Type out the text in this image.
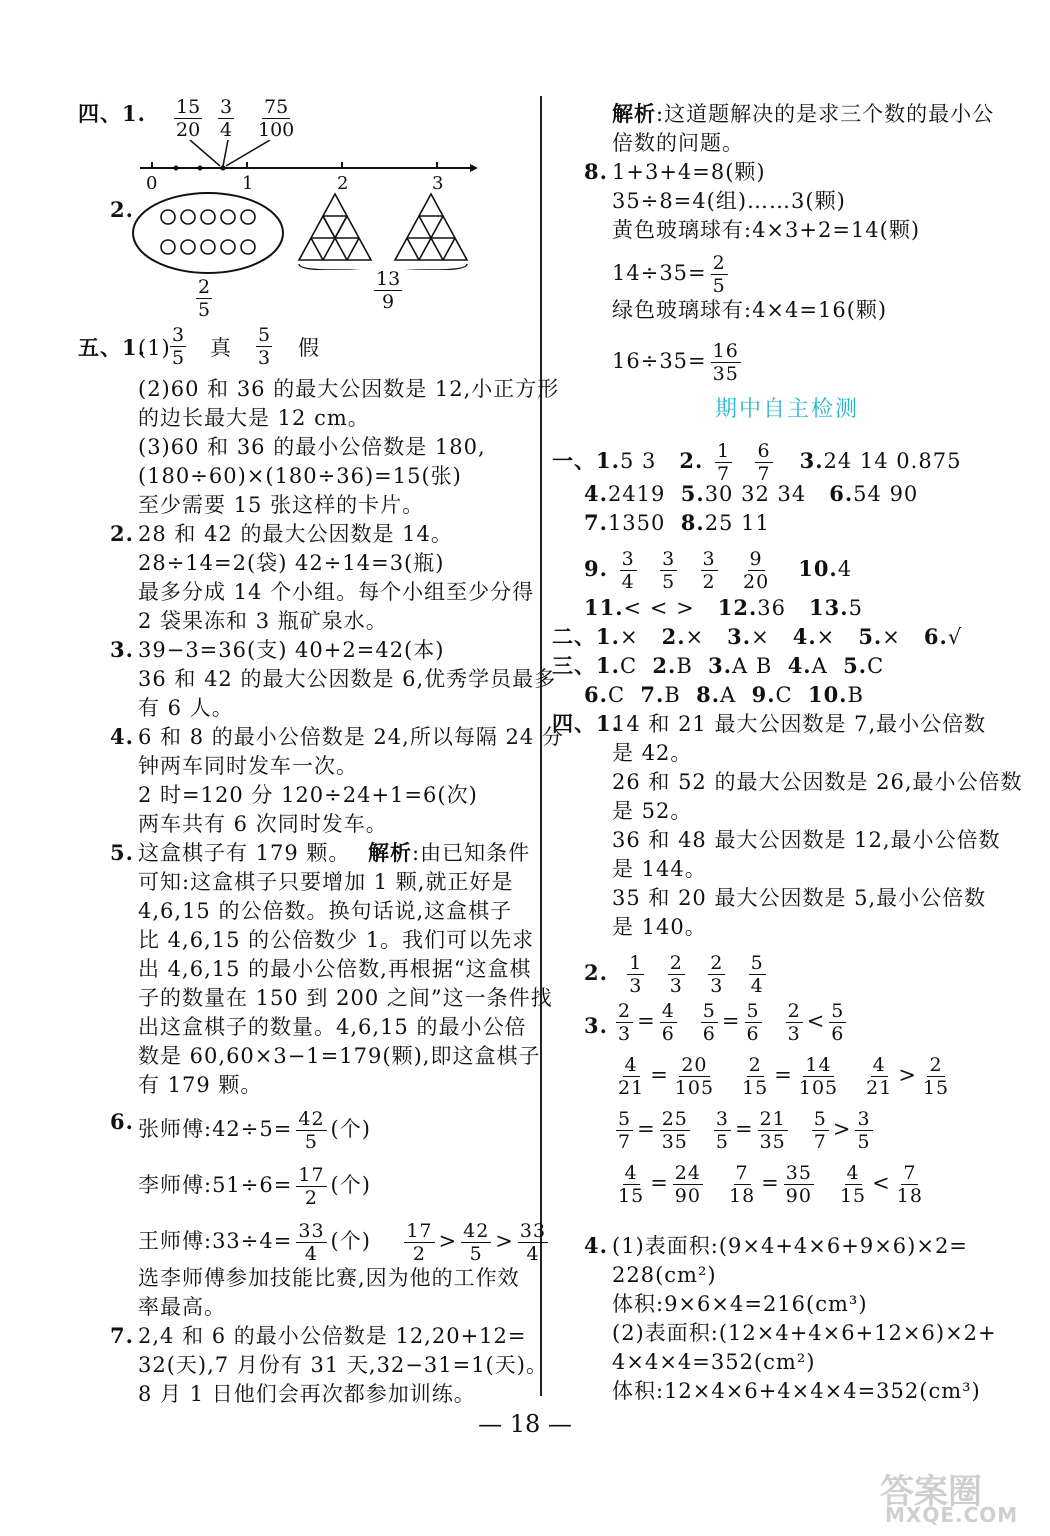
四、1. $\frac{15}{20} \frac{3}{4} \frac{75}{100}$
0	1	2	3
2.
$\frac{2}{5}$	$\frac{13}{9}$
五、1.
$(1) \frac{3}{5}$ 真 $\frac{5}{3}$ 假
(2)60 和 36 的最大公因数是 12,小正方形
的边长最大是 12 cm。
(3)60 和 36 的最小公倍数是 180,
(180÷60)×(180÷36)=15(张)
至少需要 15 张这样的卡片。
2. 28 和 42 的最大公因数是 14。
28÷14=2(袋) 42÷14=3(瓶)
最多分成 14 个小组。每个小组至少分得
2 袋果冻和 3 瓶矿泉水。
3. 39−3=36(支) 40+2=42(本)
36 和 42 的最大公因数是 6,优秀学员最多
有 6 人。
4. 6 和 8 的最小公倍数是 24,所以每隔 24 分
钟两车同时发车一次。
2 时=120 分 120÷24+1=6(次)
两车共有 6 次同时发车。
5. 这盒棋子有 179 颗。 解析 :由已知条件
可知:这盒棋子只要增加 1 颗,就正好是
4,6,15 的公倍数。换句话说,这盒棋子
比 4,6,15 的公倍数少 1。我们可以先求
出 4,6,15 的最小公倍数,再根据“这盒棋
子的数量在 150 到 200 之间”这一条件找
出这盒棋子的数量。4,6,15 的最小公倍
数是 60,60×3−1=179(颗),即这盒棋子
有 179 颗。
6. 张师傅:42÷5= $\frac{42}{5}$ (个)
李师傅:51÷6= $\frac{17}{2}$ (个)
王师傅:33÷4= $\frac{33}{4}$ (个) $\frac{17}{2} > \frac{42}{5} > \frac{33}{4}$
选李师傅参加技能比赛,因为他的工作效
率最高。
7. 2,4 和 6 的最小公倍数是 12,20+12=
32(天),7 月份有 31 天,32−31=1(天)。
8 月 1 日他们会再次都参加训练。
解析 :这道题解决的是求三个数的最小公
倍数的问题。
8. 1+3+4=8(颗)
35÷8=4(组)……3(颗)
黄色玻璃球有:4×3+2=14(颗)
$14\div 35= \frac{2}{5}$
绿色玻璃球有:4×4=16(颗)
$16\div 35= \frac{16}{35}$
期中自主检测
一、1.5 3 2. $\frac{1}{7}$
$\frac{6}{7} 3.24$ 14 0.875
4.2419 5.30 32 34 6.54 90
7.1350 8.25 11
9. $\frac{3}{4}$
$\frac{3}{5}$
$\frac{3}{2}$
$\frac{9}{20} 10.4$
11.< < > 12.36 13.5
二、1.× 2.× 3.× 4.× 5.× 6.√
三、1.C 2.B 3.A B 4.A 5.C
6.C 7.B 8.A 9.C 10.B
四、1.
14 和 21 最大公因数是 7,最小公倍数
是 42。
26 和 52 的最大公因数是 26,最小公倍数
是 52。
36 和 48 最大公因数是 12,最小公倍数
是 144。
35 和 20 最大公因数是 5,最小公倍数
是 140。
2. $\frac{1}{3}$
$\frac{2}{3}$
$\frac{2}{3}$
$\frac{5}{4}$
3. $\frac{2}{3} = \frac{4}{6} \frac{5}{6} = \frac{5}{6} \frac{2}{3} < \frac{5}{6}$
$\frac{4}{21} = \frac{20}{105} \frac{2}{15} = \frac{14}{105} \frac{4}{21} > \frac{2}{15}$
$\frac{5}{7} = \frac{25}{35} \frac{3}{5} = \frac{21}{35} \frac{5}{7} > \frac{3}{5}$
$\frac{4}{15} = \frac{24}{90} \frac{7}{18} = \frac{35}{90} \frac{4}{15} < \frac{7}{18}$
4. (1)表面积:(9×4+4×6+9×6)×2=
228(cm²)
体积:9×6×4=216(cm³)
(2)表面积:(12×4+4×6+12×6)×2+
4×4×4=352(cm²)
体积:12×4×6+4×4×4=352(cm³)
— 18 —
答案圈
MXQE.COM
